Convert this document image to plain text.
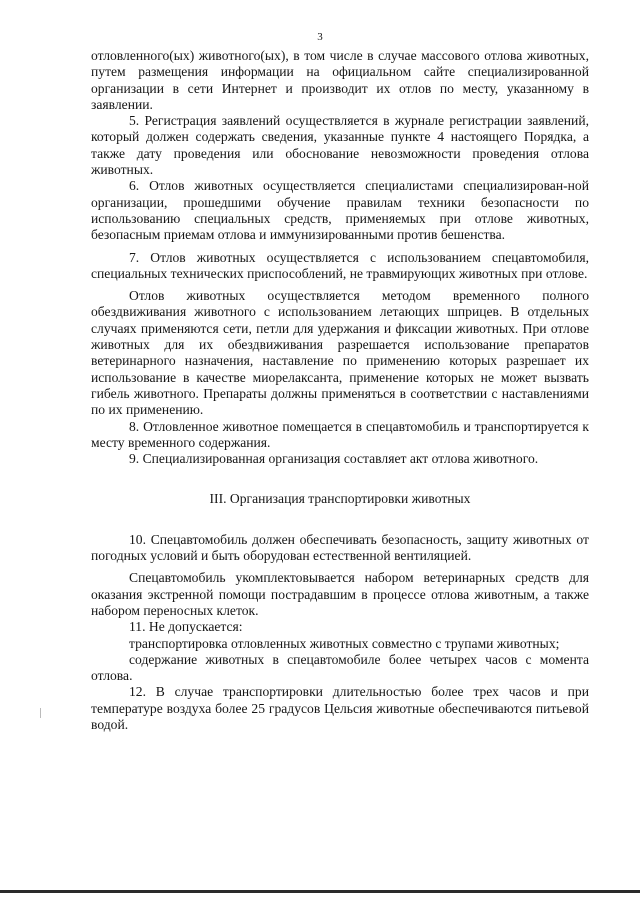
3

отловленного(ых) животного(ых), в том числе в случае массового отлова животных, путем размещения информации на официальном сайте специализированной организации в сети Интернет и производит их отлов по месту, указанному в заявлении.

5. Регистрация заявлений осуществляется в журнале регистрации заявлений, который должен содержать сведения, указанные пункте 4 настоящего Порядка, а также дату проведения или обоснование невозможности проведения отлова животных.

6. Отлов животных осуществляется специалистами специализирован-ной организации, прошедшими обучение правилам техники безопасности по использованию специальных средств, применяемых при отлове животных, безопасным приемам отлова и иммунизированными против бешенства.

7. Отлов животных осуществляется с использованием спецавтомобиля, специальных технических приспособлений, не травмирующих животных при отлове.

Отлов животных осуществляется методом временного полного обездвиживания животного с использованием летающих шприцев. В отдельных случаях применяются сети, петли для удержания и фиксации животных. При отлове животных для их обездвиживания разрешается использование препаратов ветеринарного назначения, наставление по применению которых разрешает их использование в качестве миорелаксанта, применение которых не может вызвать гибель животного. Препараты должны применяться в соответствии с наставлениями по их применению.

8. Отловленное животное помещается в спецавтомобиль и транспортируется к месту временного содержания.

9. Специализированная организация составляет акт отлова животного.

III. Организация транспортировки животных

10. Спецавтомобиль должен обеспечивать безопасность, защиту животных от погодных условий и быть оборудован естественной вентиляцией.

Спецавтомобиль укомплектовывается набором ветеринарных средств для оказания экстренной помощи пострадавшим в процессе отлова животным, а также набором переносных клеток.

11. Не допускается:

транспортировка отловленных животных совместно с трупами животных;

содержание животных в спецавтомобиле более четырех часов с момента отлова.

12. В случае транспортировки длительностью более трех часов и при температуре воздуха более 25 градусов Цельсия животные обеспечиваются питьевой водой.
